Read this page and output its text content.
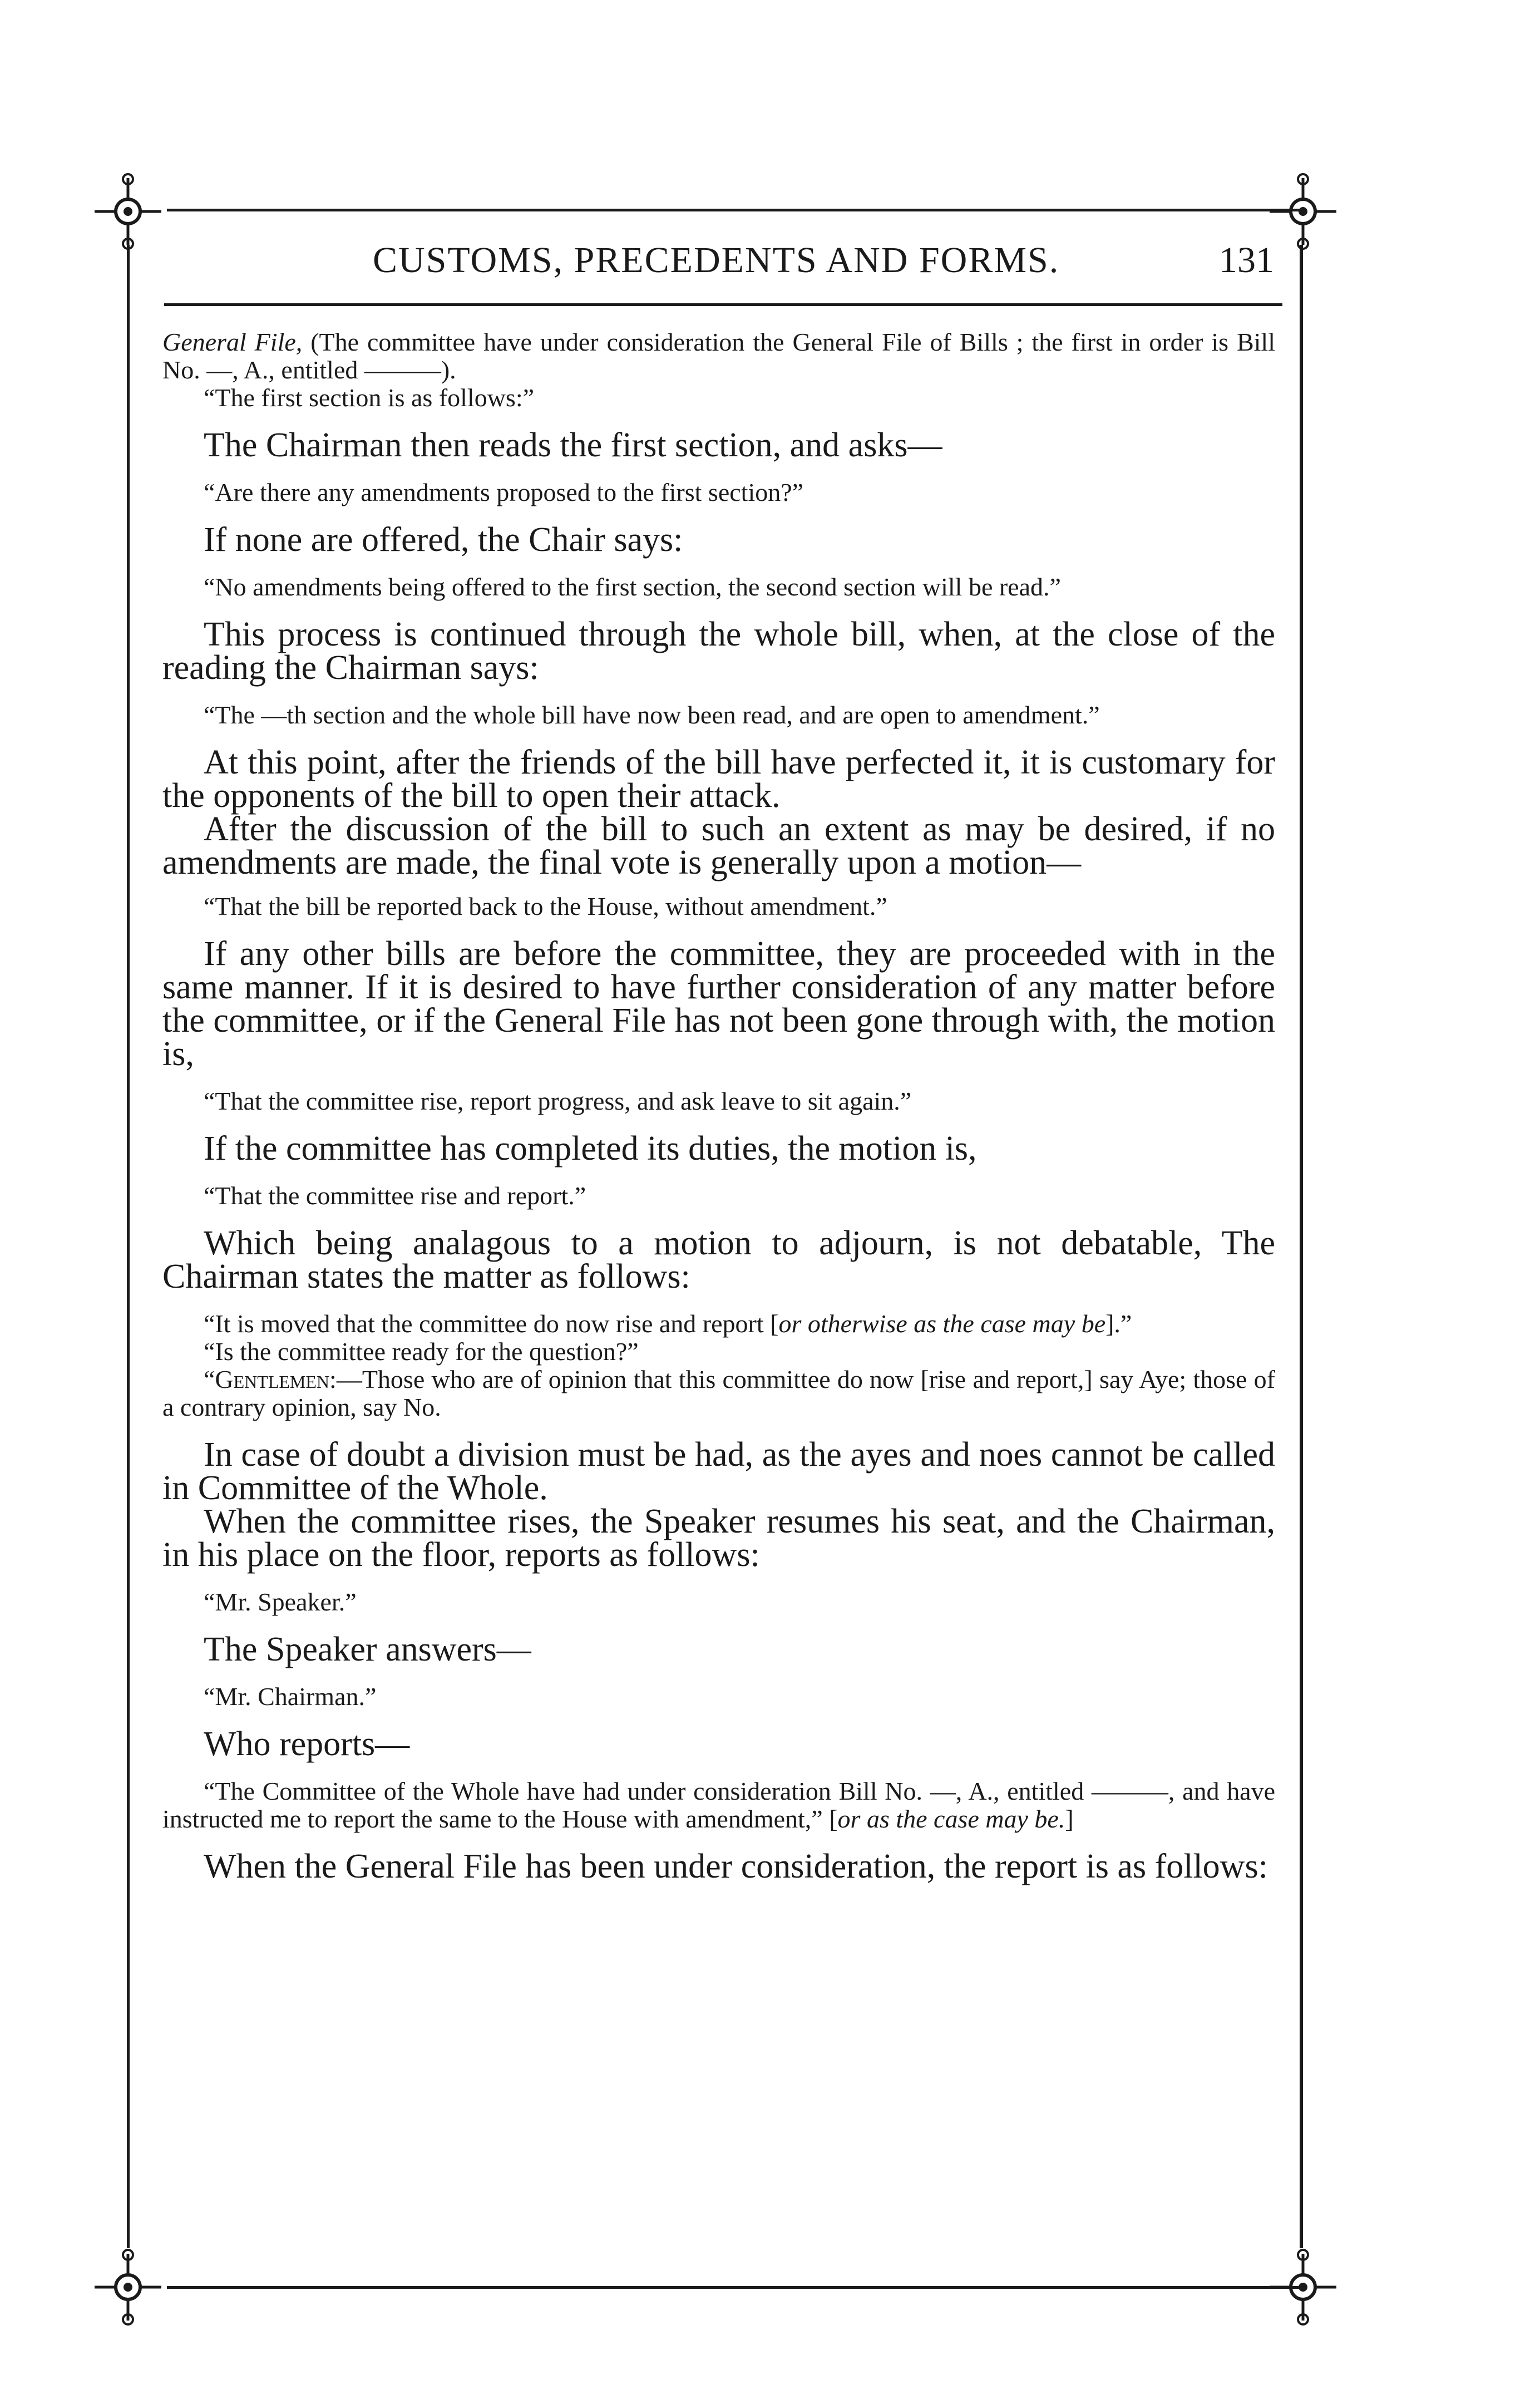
CUSTOMS, PRECEDENTS AND FORMS.	131

General File, (The committee have under consideration the General File of Bills ; the first in order is Bill No. —, A., entitled ———).

“The first section is as follows:”

The Chairman then reads the first section, and asks—

“Are there any amendments proposed to the first section?”

If none are offered, the Chair says:

“No amendments being offered to the first section, the second section will be read.”

This process is continued through the whole bill, when, at the close of the reading the Chairman says:

“The —th section and the whole bill have now been read, and are open to amendment.”

At this point, after the friends of the bill have perfected it, it is customary for the opponents of the bill to open their attack.

After the discussion of the bill to such an extent as may be desired, if no amendments are made, the final vote is generally upon a motion—

“That the bill be reported back to the House, without amendment.”

If any other bills are before the committee, they are proceeded with in the same manner. If it is desired to have further consideration of any matter before the committee, or if the General File has not been gone through with, the motion is,

“That the committee rise, report progress, and ask leave to sit again.”

If the committee has completed its duties, the motion is,

“That the committee rise and report.”

Which being analagous to a motion to adjourn, is not debatable, The Chairman states the matter as follows:

“It is moved that the committee do now rise and report [or otherwise as the case may be].”

“Is the committee ready for the question?”

“Gentlemen:—Those who are of opinion that this committee do now [rise and report,] say Aye; those of a contrary opinion, say No.

In case of doubt a division must be had, as the ayes and noes cannot be called in Committee of the Whole.

When the committee rises, the Speaker resumes his seat, and the Chairman, in his place on the floor, reports as follows:

“Mr. Speaker.”

The Speaker answers—

“Mr. Chairman.”

Who reports—

“The Committee of the Whole have had under consideration Bill No. —, A., entitled ———, and have instructed me to report the same to the House with amendment,” [or as the case may be.]

When the General File has been under consideration, the report is as follows:
